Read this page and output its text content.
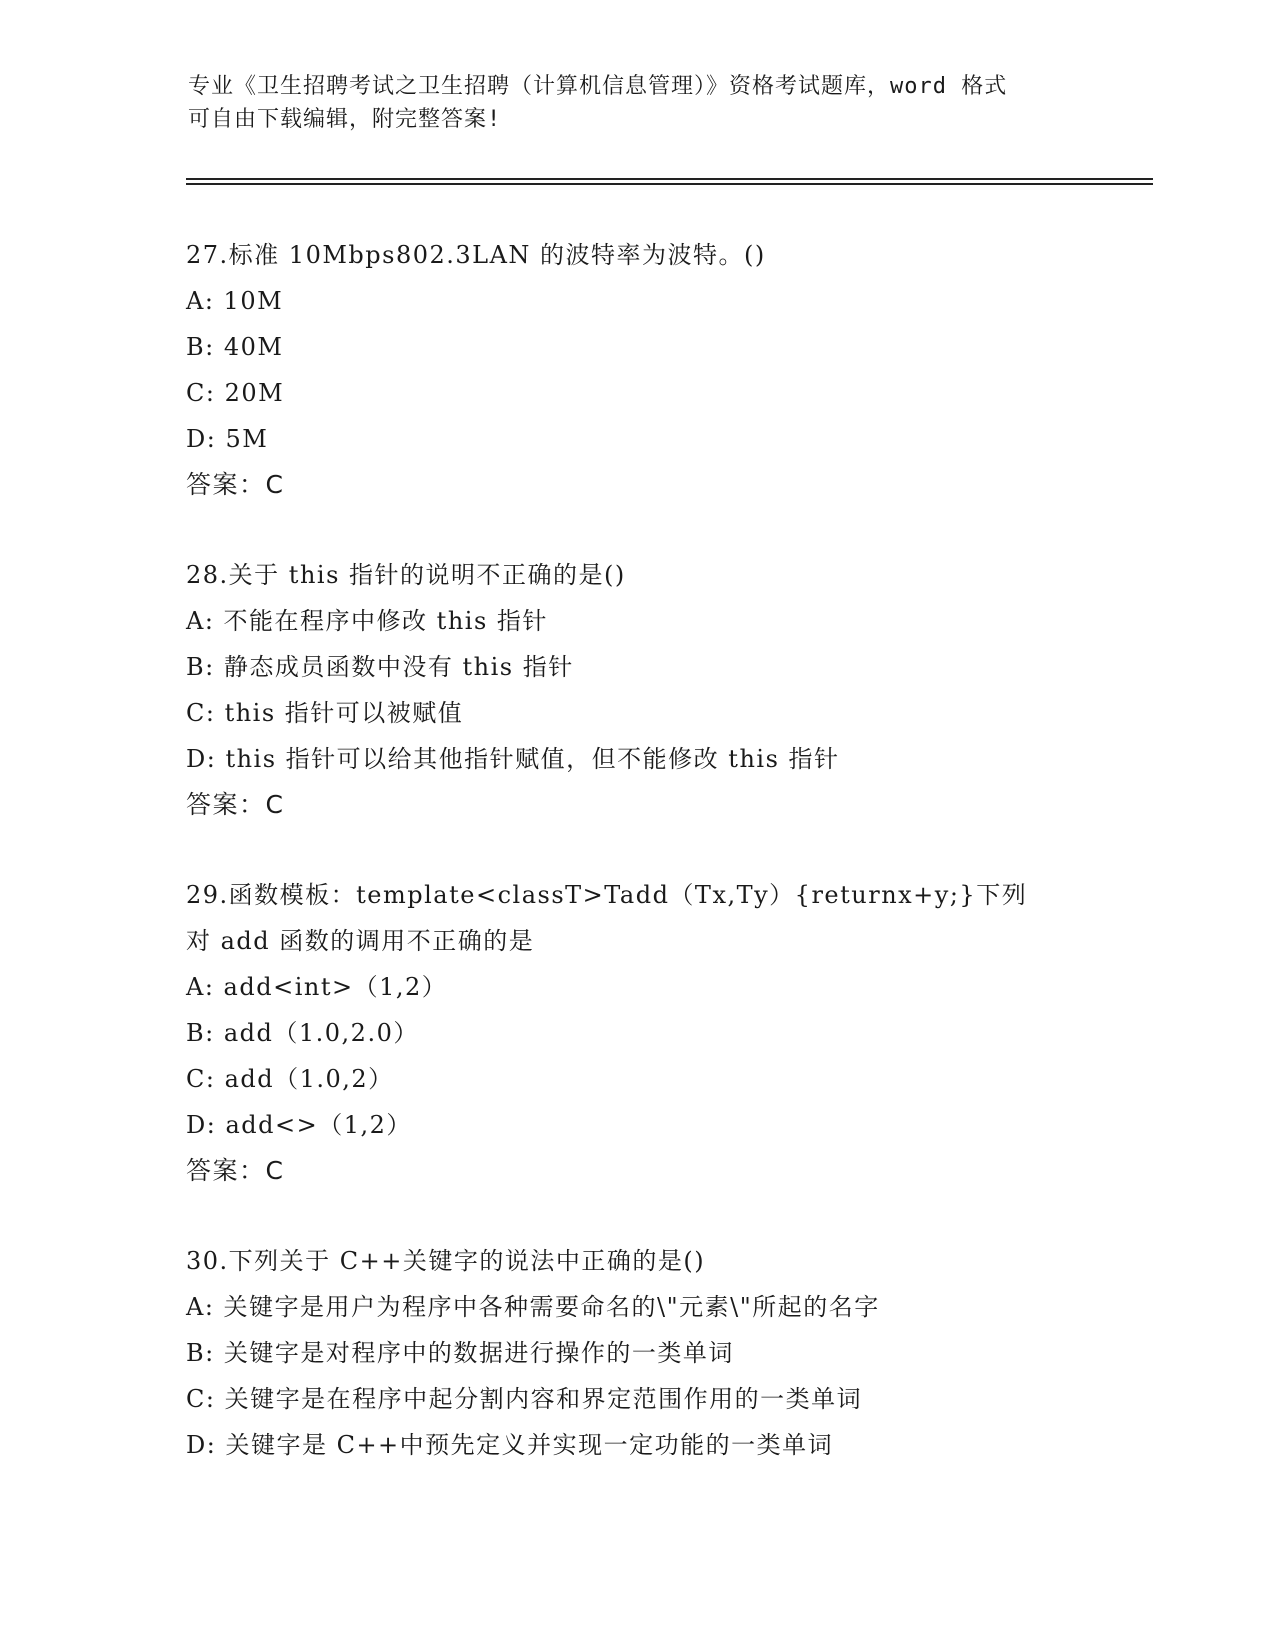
专业《卫生招聘考试之卫生招聘（计算机信息管理）》资格考试题库，word 格式
可自由下载编辑，附完整答案!
27.标准 10Mbps802.3LAN 的波特率为波特。()
A: 10M
B: 40M
C: 20M
D: 5M
答案：C
28.关于 this 指针的说明不正确的是()
A: 不能在程序中修改 this 指针
B: 静态成员函数中没有 this 指针
C: this 指针可以被赋值
D: this 指针可以给其他指针赋值，但不能修改 this 指针
答案：C
29.函数模板：template<classT>Tadd（Tx,Ty）{returnx+y;}下列
对 add 函数的调用不正确的是
A: add<int>（1,2）
B: add（1.0,2.0）
C: add（1.0,2）
D: add<>（1,2）
答案：C
30.下列关于 C++关键字的说法中正确的是()
A: 关键字是用户为程序中各种需要命名的\"元素\"所起的名字
B: 关键字是对程序中的数据进行操作的一类单词
C: 关键字是在程序中起分割内容和界定范围作用的一类单词
D: 关键字是 C++中预先定义并实现一定功能的一类单词
